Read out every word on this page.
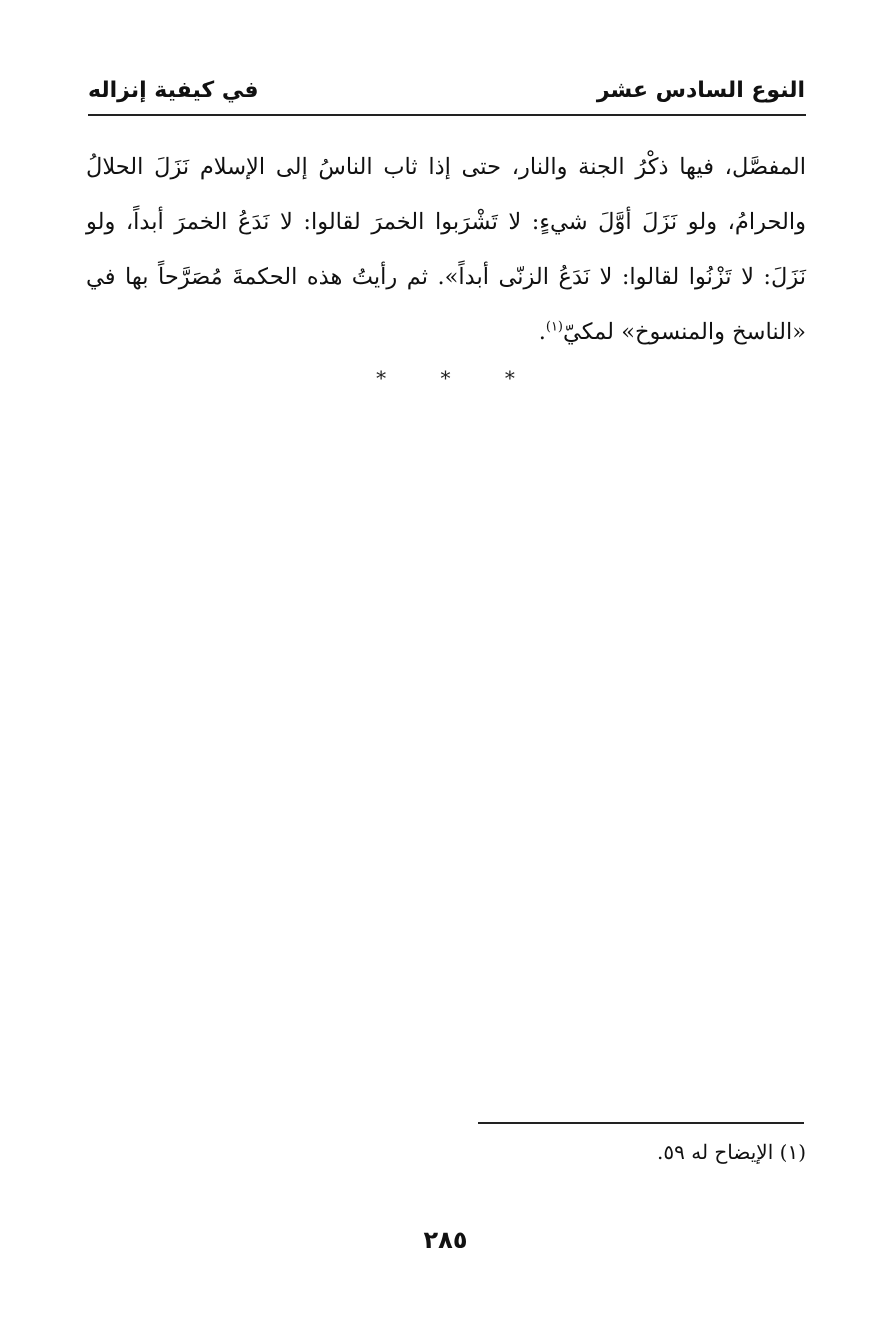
النوع السادس عشر
في كيفية إنزاله

المفصَّل، فيها ذكْرُ الجنة والنار، حتى إذا ثاب الناسُ إلى الإسلام نَزَلَ الحلالُ والحرامُ، ولو نَزَلَ أوَّلَ شيءٍ: لا تَشْرَبوا الخمرَ لقالوا: لا نَدَعُ الخمرَ أبداً، ولو نَزَلَ: لا تَزْنُوا لقالوا: لا نَدَعُ الزنّى أبداً». ثم رأيتُ هذه الحكمةَ مُصَرَّحاً بها في «الناسخ والمنسوخ» لمكيّ$^{(١)}$.

*	*	*
(١) الإيضاح له ٥٩.
٢٨٥
